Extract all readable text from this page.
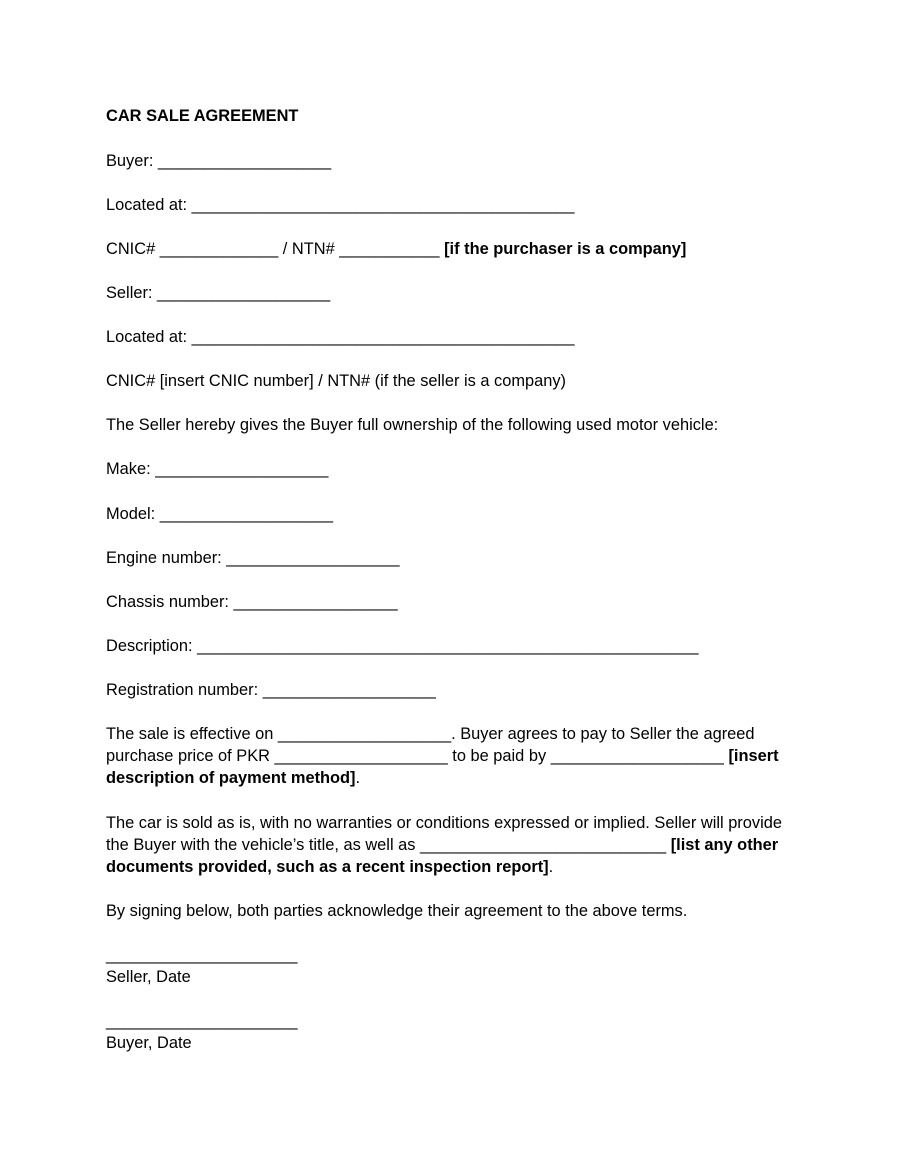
CAR SALE AGREEMENT
Buyer: ___________________
Located at: __________________________________________
CNIC# _____________ / NTN# ___________ [if the purchaser is a company]
Seller: ___________________
Located at: __________________________________________
CNIC# [insert CNIC number] / NTN# (if the seller is a company)
The Seller hereby gives the Buyer full ownership of the following used motor vehicle:
Make: ___________________
Model: ___________________
Engine number: ___________________
Chassis number: __________________
Description: _______________________________________________________
Registration number: ___________________
The sale is effective on ___________________. Buyer agrees to pay to Seller the agreed
purchase price of PKR ___________________ to be paid by ___________________ [insert
description of payment method].
The car is sold as is, with no warranties or conditions expressed or implied. Seller will provide
the Buyer with the vehicle’s title, as well as ___________________________ [list any other
documents provided, such as a recent inspection report].
By signing below, both parties acknowledge their agreement to the above terms.
_____________________
Seller, Date
_____________________
Buyer, Date
